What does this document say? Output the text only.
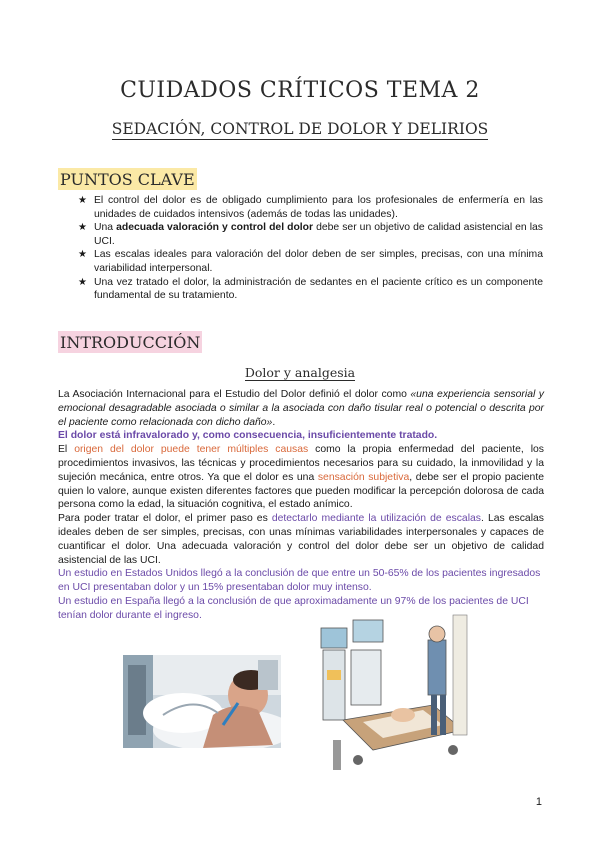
CUIDADOS CRÍTICOS TEMA 2
SEDACIÓN, CONTROL DE DOLOR Y DELIRIOS
PUNTOS CLAVE
★ El control del dolor es de obligado cumplimiento para los profesionales de enfermería en las unidades de cuidados intensivos (además de todas las unidades).
★ Una adecuada valoración y control del dolor debe ser un objetivo de calidad asistencial en las UCI.
★ Las escalas ideales para valoración del dolor deben de ser simples, precisas, con una mínima variabilidad interpersonal.
★ Una vez tratado el dolor, la administración de sedantes en el paciente crítico es un componente fundamental de su tratamiento.
INTRODUCCIÓN
Dolor y analgesia

La Asociación Internacional para el Estudio del Dolor definió el dolor como «una experiencia sensorial y emocional desagradable asociada o similar a la asociada con daño tisular real o potencial o descrita por el paciente como relacionada con dicho daño».

El dolor está infravalorado y, como consecuencia, insuficientemente tratado.

El origen del dolor puede tener múltiples causas como la propia enfermedad del paciente, los procedimientos invasivos, las técnicas y procedimientos necesarios para su cuidado, la inmovilidad y la sujeción mecánica, entre otros. Ya que el dolor es una sensación subjetiva, debe ser el propio paciente quien lo valore, aunque existen diferentes factores que pueden modificar la percepción dolorosa de cada persona como la edad, la situación cognitiva, el estado anímico.

Para poder tratar el dolor, el primer paso es detectarlo mediante la utilización de escalas. Las escalas ideales deben de ser simples, precisas, con unas mínimas variabilidades interpersonales y capaces de cuantificar el dolor. Una adecuada valoración y control del dolor debe ser un objetivo de calidad asistencial de las UCI.

Un estudio en Estados Unidos llegó a la conclusión de que entre un 50-65% de los pacientes ingresados en UCI presentaban dolor y un 15% presentaban dolor muy intenso.

Un estudio en España llegó a la conclusión de que aproximadamente un 97% de los pacientes de UCI tenían dolor durante el ingreso.

1
